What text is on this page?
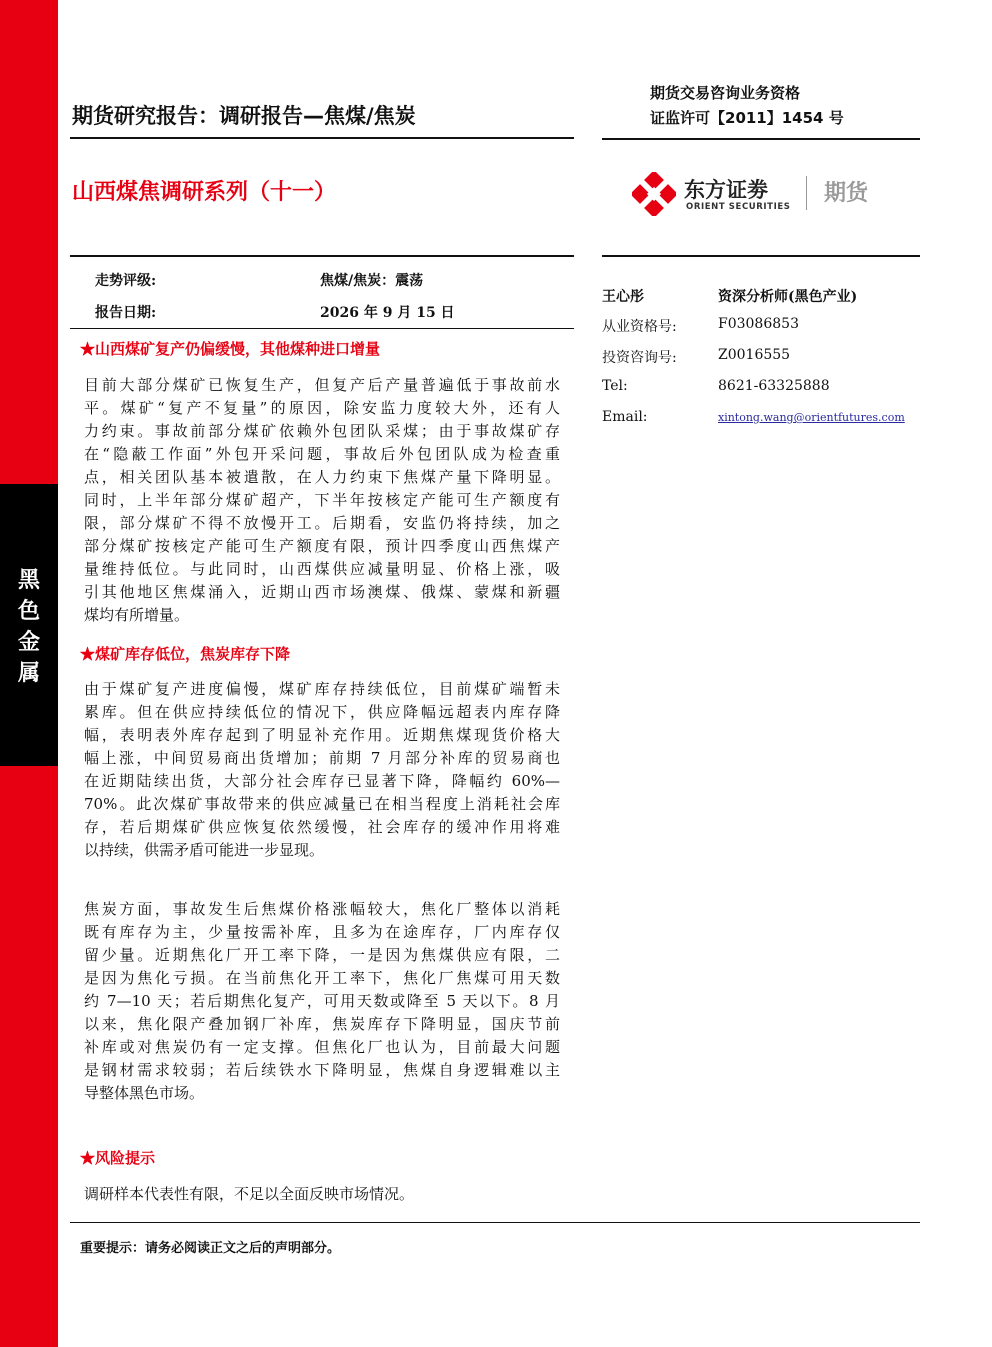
黑
色
金
属
期货研究报告：调研报告—焦煤/焦炭
山西煤焦调研系列（十一）
期货交易咨询业务资格
证监许可【2011】1454 号
东方证劵
ORIENT SECURITIES
期货
走势评级:	焦煤/焦炭：震荡
报告日期:	2026 年 9 月 15 日
王心彤	资深分析师(黑色产业)
从业资格号:	F03086853
投资咨询号:	Z0016555
Tel:	8621-63325888
Email:	xintong.wang@orientfutures.com
★山西煤矿复产仍偏缓慢，其他煤种进口增量
目前大部分煤矿已恢复生产，但复产后产量普遍低于事故前水
平。煤矿“复产不复量”的原因，除安监力度较大外，还有人
力约束。事故前部分煤矿依赖外包团队采煤；由于事故煤矿存
在“隐蔽工作面”外包开采问题，事故后外包团队成为检查重
点，相关团队基本被遣散，在人力约束下焦煤产量下降明显。
同时，上半年部分煤矿超产，下半年按核定产能可生产额度有
限，部分煤矿不得不放慢开工。后期看，安监仍将持续，加之
部分煤矿按核定产能可生产额度有限，预计四季度山西焦煤产
量维持低位。与此同时，山西煤供应减量明显、价格上涨，吸
引其他地区焦煤涌入，近期山西市场澳煤、俄煤、蒙煤和新疆
煤均有所增量。
★煤矿库存低位，焦炭库存下降
由于煤矿复产进度偏慢，煤矿库存持续低位，目前煤矿端暂未
累库。但在供应持续低位的情况下，供应降幅远超表内库存降
幅，表明表外库存起到了明显补充作用。近期焦煤现货价格大
幅上涨，中间贸易商出货增加；前期 7 月部分补库的贸易商也
在近期陆续出货，大部分社会库存已显著下降，降幅约 60%—
70%。此次煤矿事故带来的供应减量已在相当程度上消耗社会库
存，若后期煤矿供应恢复依然缓慢，社会库存的缓冲作用将难
以持续，供需矛盾可能进一步显现。
焦炭方面，事故发生后焦煤价格涨幅较大，焦化厂整体以消耗
既有库存为主，少量按需补库，且多为在途库存，厂内库存仅
留少量。近期焦化厂开工率下降，一是因为焦煤供应有限，二
是因为焦化亏损。在当前焦化开工率下，焦化厂焦煤可用天数
约 7—10 天；若后期焦化复产，可用天数或降至 5 天以下。8 月
以来，焦化限产叠加钢厂补库，焦炭库存下降明显，国庆节前
补库或对焦炭仍有一定支撑。但焦化厂也认为，目前最大问题
是钢材需求较弱；若后续铁水下降明显，焦煤自身逻辑难以主
导整体黑色市场。
★风险提示
调研样本代表性有限，不足以全面反映市场情况。
重要提示：请务必阅读正文之后的声明部分。
